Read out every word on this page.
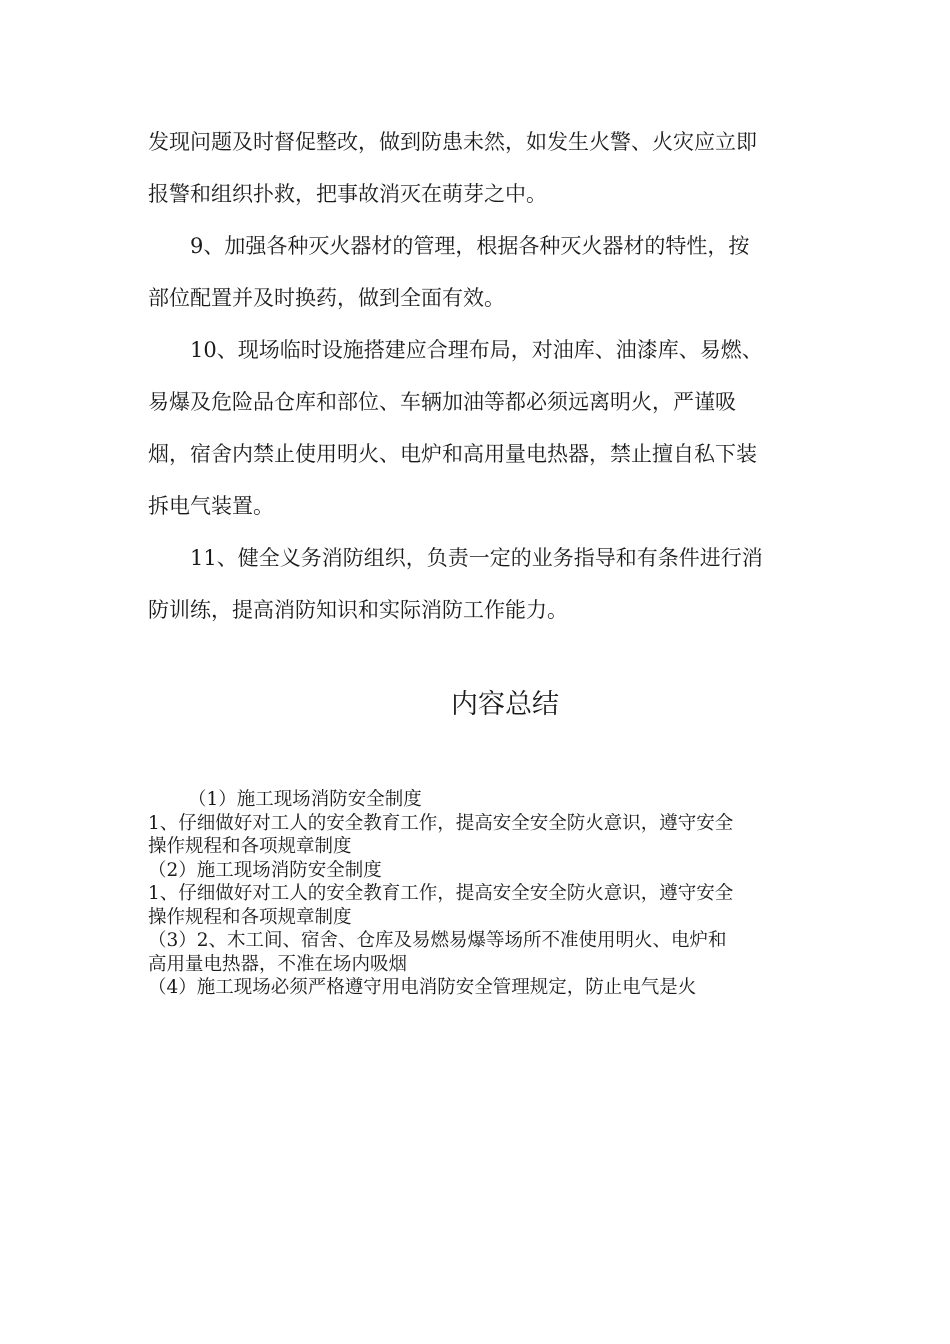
发现问题及时督促整改，做到防患未然，如发生火警、火灾应立即

报警和组织扑救，把事故消灭在萌芽之中。

9、加强各种灭火器材的管理，根据各种灭火器材的特性，按

部位配置并及时换药，做到全面有效。

10、现场临时设施搭建应合理布局，对油库、油漆库、易燃、

易爆及危险品仓库和部位、车辆加油等都必须远离明火，严谨吸

烟，宿舍内禁止使用明火、电炉和高用量电热器，禁止擅自私下装

拆电气装置。

11、健全义务消防组织，负责一定的业务指导和有条件进行消

防训练，提高消防知识和实际消防工作能力。

内容总结
（1）施工现场消防安全制度
1、仔细做好对工人的安全教育工作，提高安全安全防火意识，遵守安全
操作规程和各项规章制度
（2）施工现场消防安全制度
1、仔细做好对工人的安全教育工作，提高安全安全防火意识，遵守安全
操作规程和各项规章制度
（3）2、木工间、宿舍、仓库及易燃易爆等场所不准使用明火、电炉和
高用量电热器，不准在场内吸烟
（4）施工现场必须严格遵守用电消防安全管理规定，防止电气是火
